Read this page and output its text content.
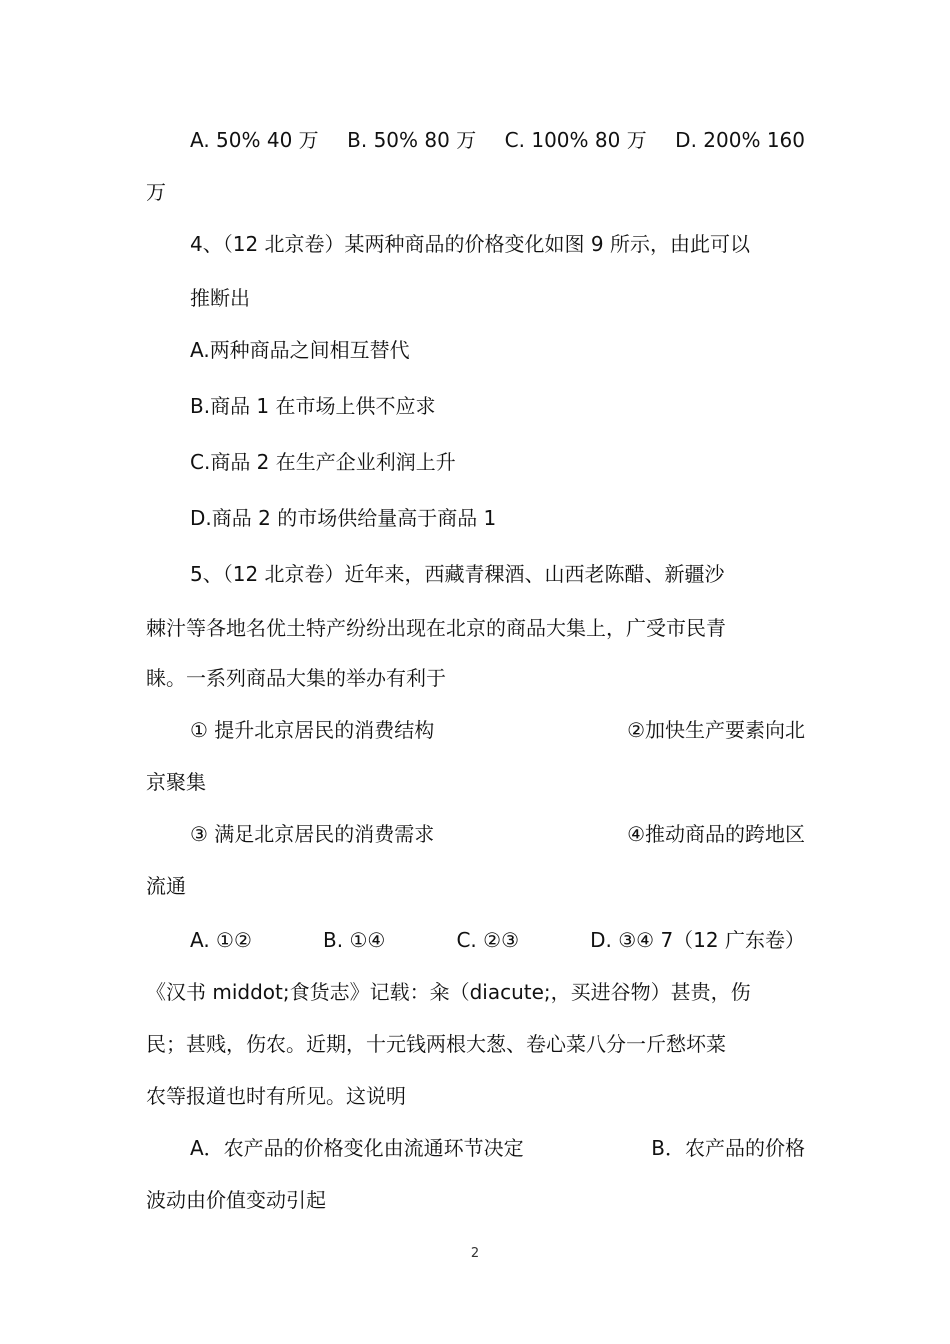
A. 50% 40 万 B. 50% 80 万 C. 100% 80 万 D. 200% 160
万
4、（12 北京卷）某两种商品的价格变化如图 9 所示，由此可以
推断出
A.两种商品之间相互替代
B.商品 1 在市场上供不应求
C.商品 2 在生产企业利润上升
D.商品 2 的市场供给量高于商品 1
5、（12 北京卷）近年来，西藏青稞酒、山西老陈醋、新疆沙
棘汁等各地名优土特产纷纷出现在北京的商品大集上，广受市民青
睐。一系列商品大集的举办有利于
① 提升北京居民的消费结构	②加快生产要素向北
京聚集
③ 满足北京居民的消费需求	④推动商品的跨地区
流通
A. ①②	B. ①④	C. ②③	D. ③④ 7（12 广东卷）
《汉书 middot;食货志》记载：籴（diacute;，买进谷物）甚贵，伤
民；甚贱，伤农。近期，十元钱两根大葱、卷心菜八分一斤愁坏菜
农等报道也时有所见。这说明
A．农产品的价格变化由流通环节决定	B．农产品的价格
波动由价值变动引起
2
